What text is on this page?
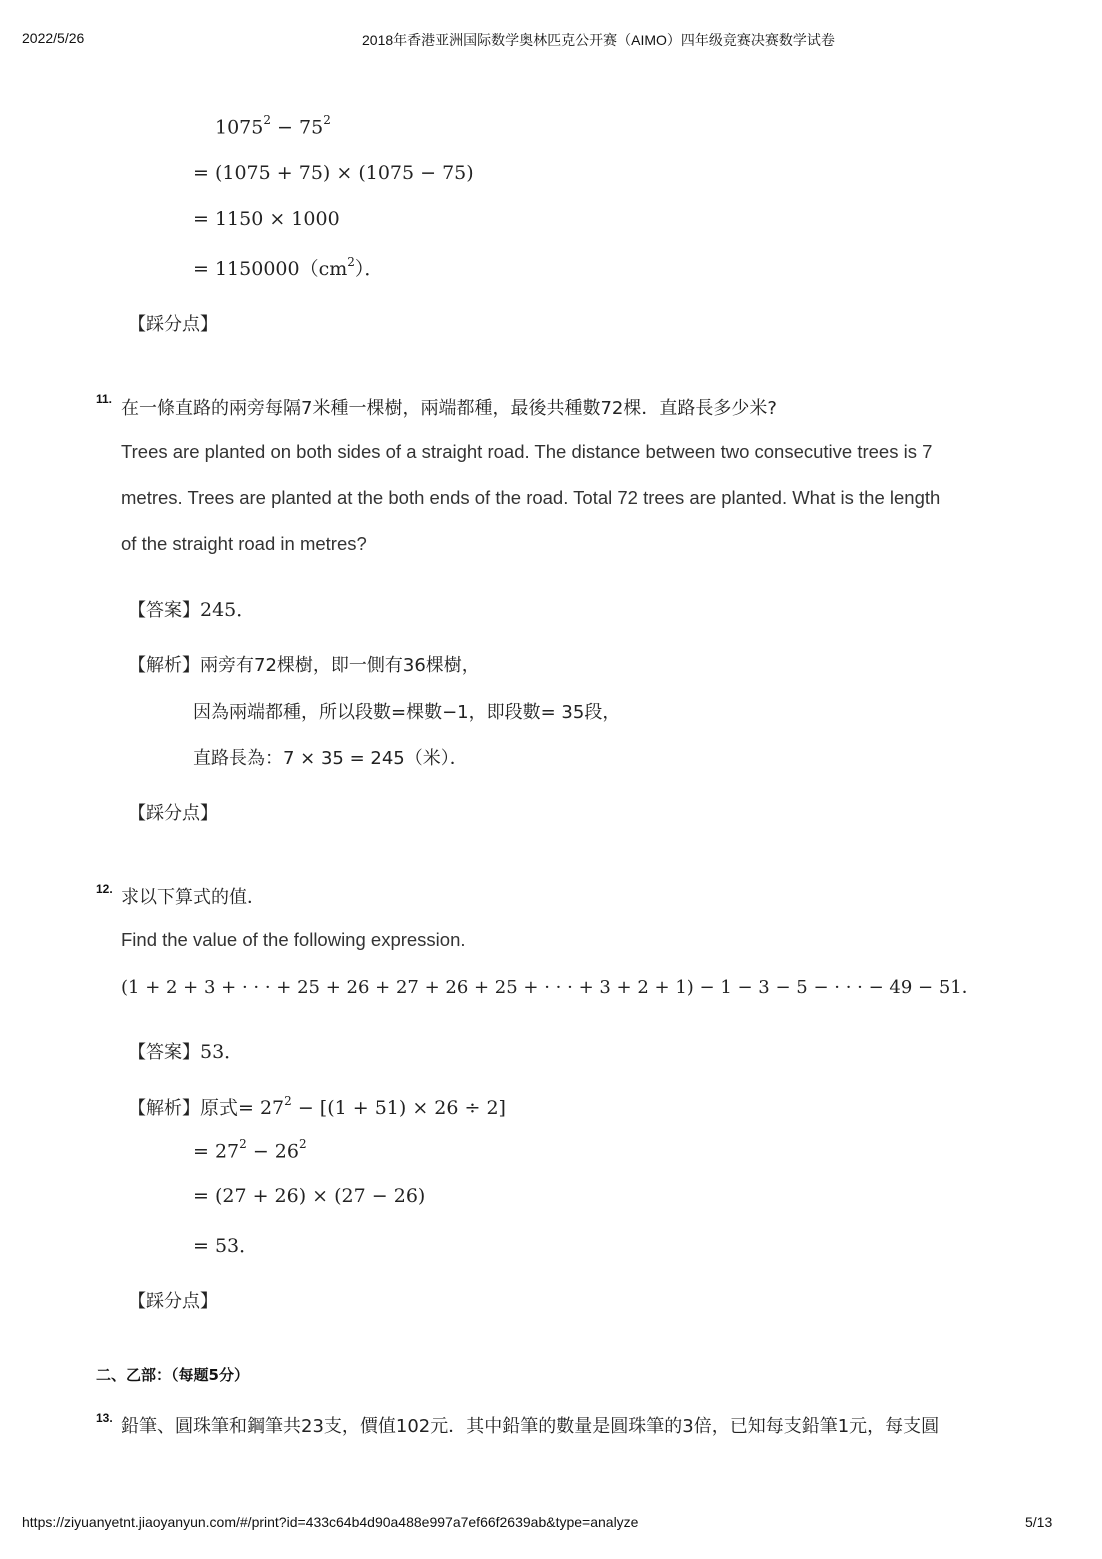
2022/5/26	2018年香港亚洲国际数学奥林匹克公开赛（AIMO）四年级竞赛决赛数学试卷
$1075^2 - 75^2$
= (1075 + 75) × (1075 − 75)
= 1150 × 1000
= $1150000(cm^2)$．
【踩分点】
11. 在一條直路的兩旁每隔7米種一棵樹，兩端都種，最後共種數72棵．直路長多少米?
Trees are planted on both sides of a straight road. The distance between two consecutive trees is 7
metres. Trees are planted at the both ends of the road. Total 72 trees are planted. What is the length
of the straight road in metres?
【答案】245．
【解析】兩旁有72棵樹，即一側有36棵樹，
因為兩端都種，所以段數=棵數−1，即段數= 35段，
直路長為：7 × 35 = 245（米）．
【踩分点】
12. 求以下算式的值．
Find the value of the following expression.
(1 + 2 + 3 + · · · + 25 + 26 + 27 + 26 + 25 + · · · + 3 + 2 + 1) − 1 − 3 − 5 − · · · − 49 − 51．
【答案】53．
【解析】原式= $27^2 - [(1 + 51) \times 26 \div 2]$
= $27^2 - 26^2$
= (27 + 26) × (27 − 26)
= 53．
【踩分点】
二、乙部：（每题5分）
13. 鉛筆、圓珠筆和鋼筆共23支，價值102元．其中鉛筆的數量是圓珠筆的3倍，已知每支鉛筆1元，每支圓
https://ziyuanyetnt.jiaoyanyun.com/#/print?id=433c64b4d90a488e997a7ef66f2639ab&type=analyze	5/13
